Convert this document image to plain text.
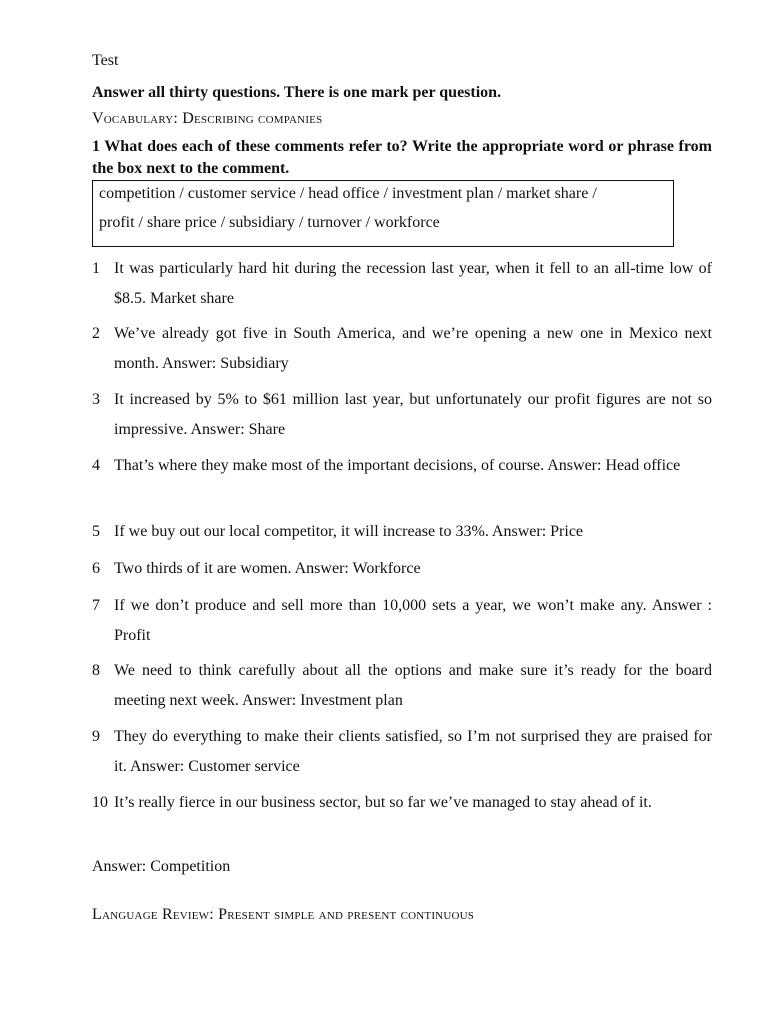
Test
Answer all thirty questions. There is one mark per question.
Vocabulary: Describing companies
1 What does each of these comments refer to? Write the appropriate word or phrase from the box next to the comment.
competition / customer service / head office / investment plan / market share /
profit / share price / subsidiary / turnover / workforce
1 It was particularly hard hit during the recession last year, when it fell to an all-time low of $8.5. Market share
2 We’ve already got five in South America, and we’re opening a new one in Mexico next month. Answer: Subsidiary
3 It increased by 5% to $61 million last year, but unfortunately our profit figures are not so impressive. Answer: Share
4 That’s where they make most of the important decisions, of course. Answer: Head office
5 If we buy out our local competitor, it will increase to 33%. Answer: Price
6 Two thirds of it are women. Answer: Workforce
7 If we don’t produce and sell more than 10,000 sets a year, we won’t make any. Answer : Profit
8 We need to think carefully about all the options and make sure it’s ready for the board meeting next week. Answer: Investment plan
9 They do everything to make their clients satisfied, so I’m not surprised they are praised for it. Answer: Customer service
10 It’s really fierce in our business sector, but so far we’ve managed to stay ahead of it.
Answer: Competition
Language Review: Present simple and present continuous
